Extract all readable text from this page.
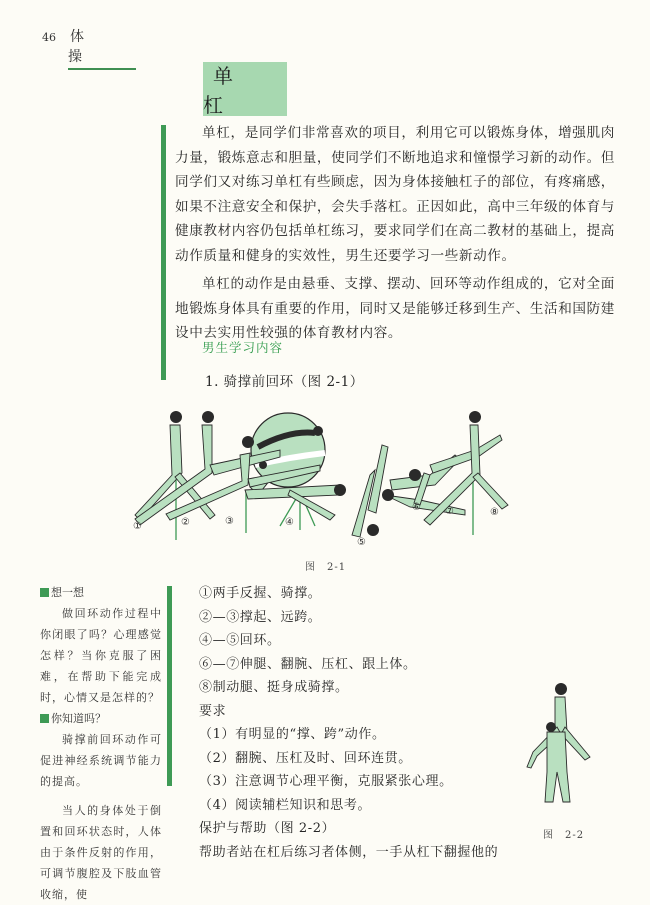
46 体 操
单 杠

单杠，是同学们非常喜欢的项目，利用它可以锻炼身体，增强肌肉力量，锻炼意志和胆量，使同学们不断地追求和憧憬学习新的动作。但同学们又对练习单杠有些顾虑，因为身体接触杠子的部位，有疼痛感，如果不注意安全和保护，会失手落杠。正因如此，高中三年级的体育与健康教材内容仍包括单杠练习，要求同学们在高二教材的基础上，提高动作质量和健身的实效性，男生还要学习一些新动作。

单杠的动作是由悬垂、支撑、摆动、回环等动作组成的，它对全面地锻炼身体具有重要的作用，同时又是能够迁移到生产、生活和国防建设中去实用性较强的体育教材内容。

男生学习内容
1. 骑撑前回环（图 2-1）
①	②	③	④
⑤
⑥ ⑦	⑧
图　2-1
想一想

做回环动作过程中你闭眼了吗？心理感觉怎样？当你克服了困难，在帮助下能完成时，心情又是怎样的？

你知道吗？

骑撑前回环动作可促进神经系统调节能力的提高。

当人的身体处于倒置和回环状态时，人体由于条件反射的作用，可调节腹腔及下肢血管收缩，使

①两手反握、骑撑。
②—③撑起、远跨。
④—⑤回环。
⑥—⑦伸腿、翻腕、压杠、跟上体。
⑧制动腿、挺身成骑撑。
要求
（1）有明显的“撑、跨”动作。
（2）翻腕、压杠及时、回环连贯。
（3）注意调节心理平衡，克服紧张心理。
（4）阅读辅栏知识和思考。
保护与帮助（图 2-2）
帮助者站在杠后练习者体侧，一手从杠下翻握他的
图　2-2
